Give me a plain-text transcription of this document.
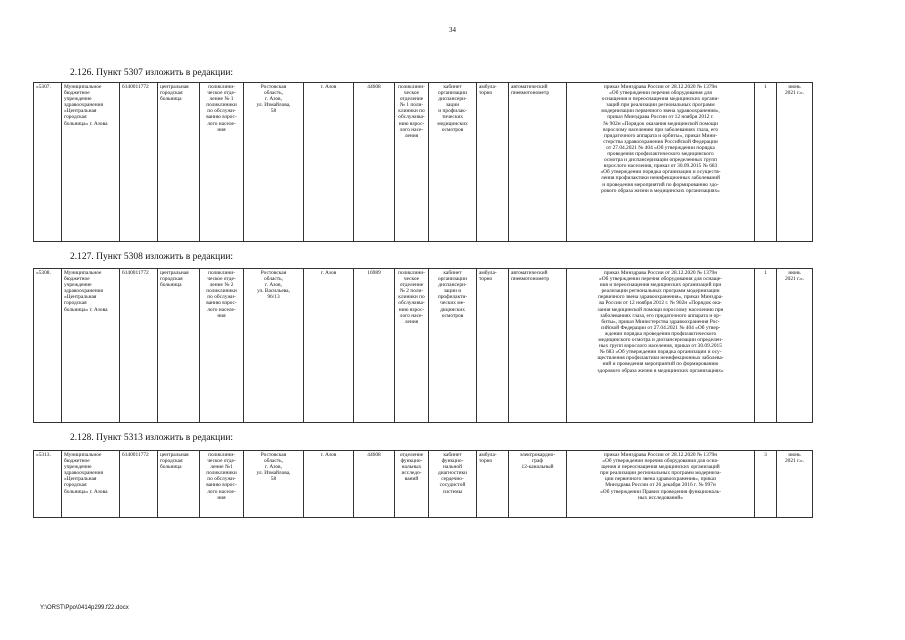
34
2.126. Пункт 5307 изложить в редакции:
«5307.	Муниципальное
бюджетное
учреждение
здравоохранения
«Центральная
городская
больница» г. Азова	6140011772	центральная
городская
больница	поликлини-
ческое отде-
ление № 1
поликлиники
по обслужи-
ванию взрос-
лого населе-
ния	Ростовская
область,
г. Азов,
ул. Измайлова,
58	г. Азов	44608	поликлини-
ческое
отделение
№ 1 поли-
клиники по
обслужива-
нию взрос-
лого насе-
ления	кабинет
организации
диспансери-
зации
и профилак-
тических
медицинских
осмотров	амбула-
торно	автоматический
пневмотонометр	приказ Минздрава России от 28.12.2020 № 1379н
«Об утверждении перечня оборудования для
оснащения и переоснащения медицинских органи-
заций при реализации региональных программ
модернизации первичного звена здравоохранения»,
приказ Минздрава России от 12 ноября 2012 г.
№ 902н «Порядок оказания медицинской помощи
взрослому населению при заболеваниях глаза, его
придаточного аппарата и орбиты», приказ Мини-
стерства здравоохранения Российской Федерации
от 27.04.2021 № 404 «Об утверждении порядка
проведения профилактического медицинского
осмотра и диспансеризации определенных групп
взрослого населения, приказ от 30.09.2015 № 683
«Об утверждении порядка организации и осуществ-
ления профилактики неинфекционных заболеваний
и проведения мероприятий по формированию здо-
рового образа жизни в медицинских организациях»	1	июнь
2021 г.».
2.127. Пункт 5308 изложить в редакции:
«5308.	Муниципальное
бюджетное
учреждение
здравоохранения
«Центральная
городская
больница» г. Азова	6140011772	центральная
городская
больница	поликлини-
ческое отде-
ление № 2
поликлиники
по обслужи-
ванию взрос-
лого населе-
ния	Ростовская
область,
г. Азов,
ул. Васильева,
96/13	г. Азов	16989	поликлини-
ческое
отделение
№ 2 поли-
клиники по
обслужива-
нию взрос-
лого насе-
ления	кабинет
организации
диспансери-
зации и
профилакти-
ческих ме-
дицинских
осмотров	амбула-
торно	автоматический
пневмотонометр	приказ Минздрава России от 28.12.2020 № 1379н
«Об утверждении перечня оборудования для оснаще-
ния и переоснащения медицинских организаций при
реализации региональных программ модернизации
первичного звена здравоохранения», приказ Минздра-
ва России от 12 ноября 2012 г. № 902н «Порядок ока-
зания медицинской помощи взрослому населению при
заболеваниях глаза, его придаточного аппарата и ор-
биты», приказ Министерства здравоохранения Рос-
сийской Федерации от 27.04.2021 № 404 «Об утвер-
ждении порядка проведения профилактического
медицинского осмотра и диспансеризации определен-
ных групп взрослого населения, приказ от 30.09.2015
№ 683 «Об утверждении порядка организации и осу-
ществления профилактики неинфекционных заболева-
ний и проведения мероприятий по формированию
здорового образа жизни в медицинских организациях»	1	июнь
2021 г.».
2.128. Пункт 5313 изложить в редакции:
«5313.	Муниципальное
бюджетное
учреждение
здравоохранения
«Центральная
городская
больница» г. Азова	6140011772	центральная
городская
больница	поликлини-
ческое отде-
ление №1
поликлиники
по обслужи-
ванию взрос-
лого населе-
ния	Ростовская
область,
г. Азов,
ул. Измайлова,
58	г. Азов	44608	отделение
функцио-
нальных
исследо-
ваний	кабинет
функцио-
нальной
диагностики
сердечно-
сосудистой
системы	амбула-
торно	электрокардио-
граф
12-канальный	приказ Минздрава России от 28.12.2020 № 1379н
«Об утверждении перечня оборудования для осна-
щения и переоснащения медицинских организаций
при реализации региональных программ модерниза-
ции первичного звена здравоохранения», приказ
Минздрава России от 26 декабря 2016 г. № 997н
«Об утверждении Правил проведения функциональ-
ных исследований»	3	июнь
2021 г.».
Y:\ORST\Ppo\0414p299.f22.docx
